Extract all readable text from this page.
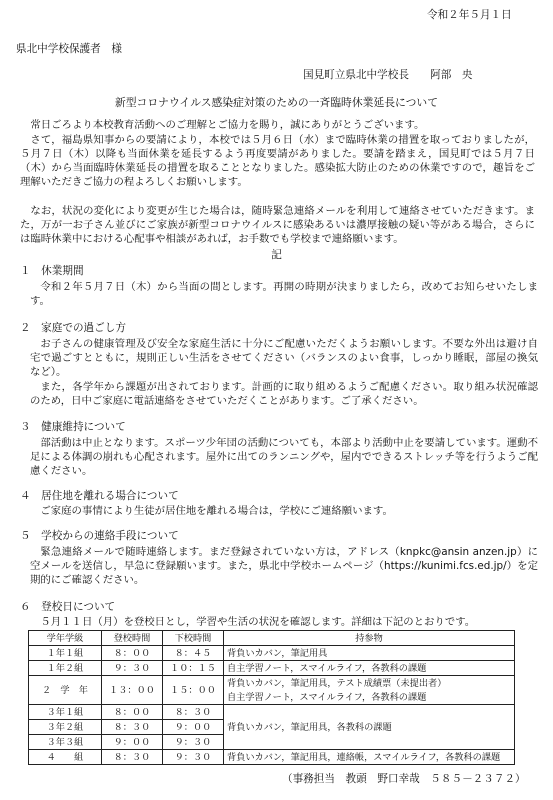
令和２年５月１日
県北中学校保護者　様
国見町立県北中学校長　　阿部　央
新型コロナウイルス感染症対策のための一斉臨時休業延長について
常日ごろより本校教育活動へのご理解とご協力を賜り，誠にありがとうございます。
さて，福島県知事からの要請により，本校では５月６日（水）まで臨時休業の措置を取っておりましたが，５月７日（木）以降も当面休業を延長するよう再度要請がありました。要請を踏まえ，国見町では５月７日（木）から当面臨時休業延長の措置を取ることとなりました。感染拡大防止のための休業ですので，趣旨をご理解いただきご協力の程よろしくお願いします。
なお，状況の変化により変更が生じた場合は，随時緊急連絡メールを利用して連絡させていただきます。また，万が一お子さん並びにご家族が新型コロナウイルスに感染あるいは濃厚接触の疑い等がある場合，さらには臨時休業中における心配事や相談があれば，お手数でも学校まで連絡願います。
記
１　休業期間
令和２年５月７日（木）から当面の間とします。再開の時期が決まりましたら，改めてお知らせいたします。
２　家庭での過ごし方
お子さんの健康管理及び安全な家庭生活に十分にご配慮いただくようお願いします。不要な外出は避け自宅で過ごすとともに，規則正しい生活をさせてください（バランスのよい食事，しっかり睡眠，部屋の換気など）。
また，各学年から課題が出されております。計画的に取り組めるようご配慮ください。取り組み状況確認のため，日中ご家庭に電話連絡をさせていただくことがあります。ご了承ください。
３　健康維持について
部活動は中止となります。スポーツ少年団の活動についても，本部より活動中止を要請しています。運動不足による体調の崩れも心配されます。屋外に出てのランニングや，屋内でできるストレッチ等を行うようご配慮ください。
４　居住地を離れる場合について
ご家庭の事情により生徒が居住地を離れる場合は，学校にご連絡願います。
５　学校からの連絡手段について
緊急連絡メールで随時連絡します。まだ登録されていない方は，アドレス（knpkc@ansin anzen.jp）に空メールを送信し，早急に登録願います。また，県北中学校ホームページ（https://kunimi.fcs.ed.jp/）を定期的にご確認ください。
６　登校日について
５月１１日（月）を登校日とし，学習や生活の状況を確認します。詳細は下記のとおりです。
学年学級	登校時間	下校時間	持参物
１年１組	８：００	８：４５	背負いカバン，筆記用具
１年２組	９：３０	１０：１５	自主学習ノート，スマイルライフ，各教科の課題
２　学　年	１３：００	１５：００	背負いカバン，筆記用具，テスト成績票（未提出者）
			自主学習ノート，スマイルライフ，各教科の課題
３年１組	８：００	８：３０	背負いカバン，筆記用具，各教科の課題
３年２組	８：３０	９：００	
３年３組	９：００	９：３０	
４　　組	８：３０	９：３０	背負いカバン，筆記用具，連絡帳，スマイルライフ，各教科の課題
（事務担当　教頭　野口幸哉　５８５－２３７２）
